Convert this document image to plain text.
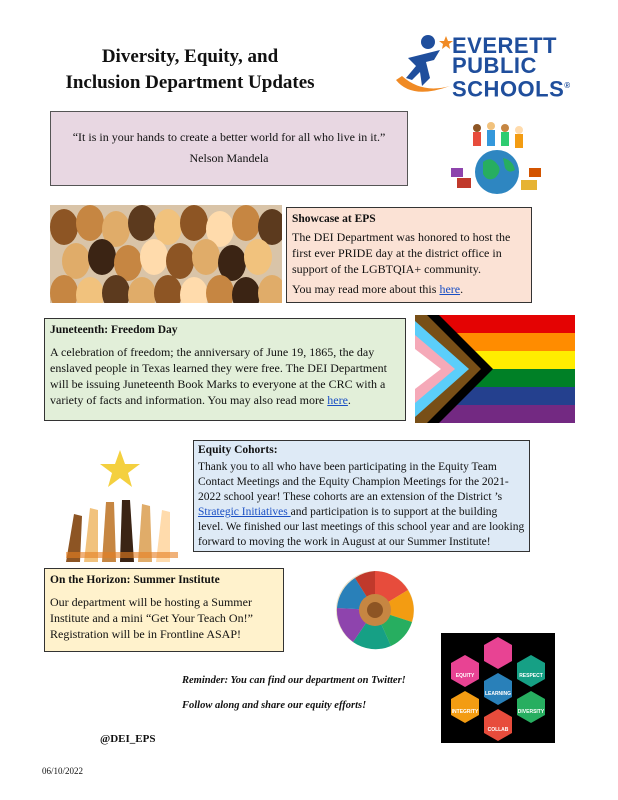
Diversity, Equity, and
Inclusion Department Updates
EVERETT
PUBLIC
SCHOOLS®

“It is in your hands to create a better world for all who live in it.”

Nelson Mandela

Showcase at EPS
The DEI Department was honored to host the first ever PRIDE day at the district office in support of the LGBTQIA+ community.
You may read more about this here.
Juneteenth: Freedom Day
A celebration of freedom; the anniversary of June 19, 1865, the day enslaved people in Texas learned they were free. The DEI Department will be issuing Juneteenth Book Marks to everyone at the CRC with a variety of facts and information. You may also read more here.
Equity Cohorts:
Thank you to all who have been participating in the Equity Team Contact Meetings and the Equity Champion Meetings for the 2021-2022 school year! These cohorts are an extension of the District ’s Strategic Initiatives and participation is to support at the building level. We finished our last meetings of this school year and are looking forward to moving the work in August at our Summer Institute!
On the Horizon: Summer Institute
Our department will be hosting a Summer Institute and a mini “Get Your Teach On!” Registration will be in Frontline ASAP!
Reminder: You can find our department on Twitter!
Follow along and share our equity efforts!
@DEI_EPS
06/10/2022
EQUITY	RESPECT
LEARNING
INTEGRITY	DIVERSITY
COLLAB
